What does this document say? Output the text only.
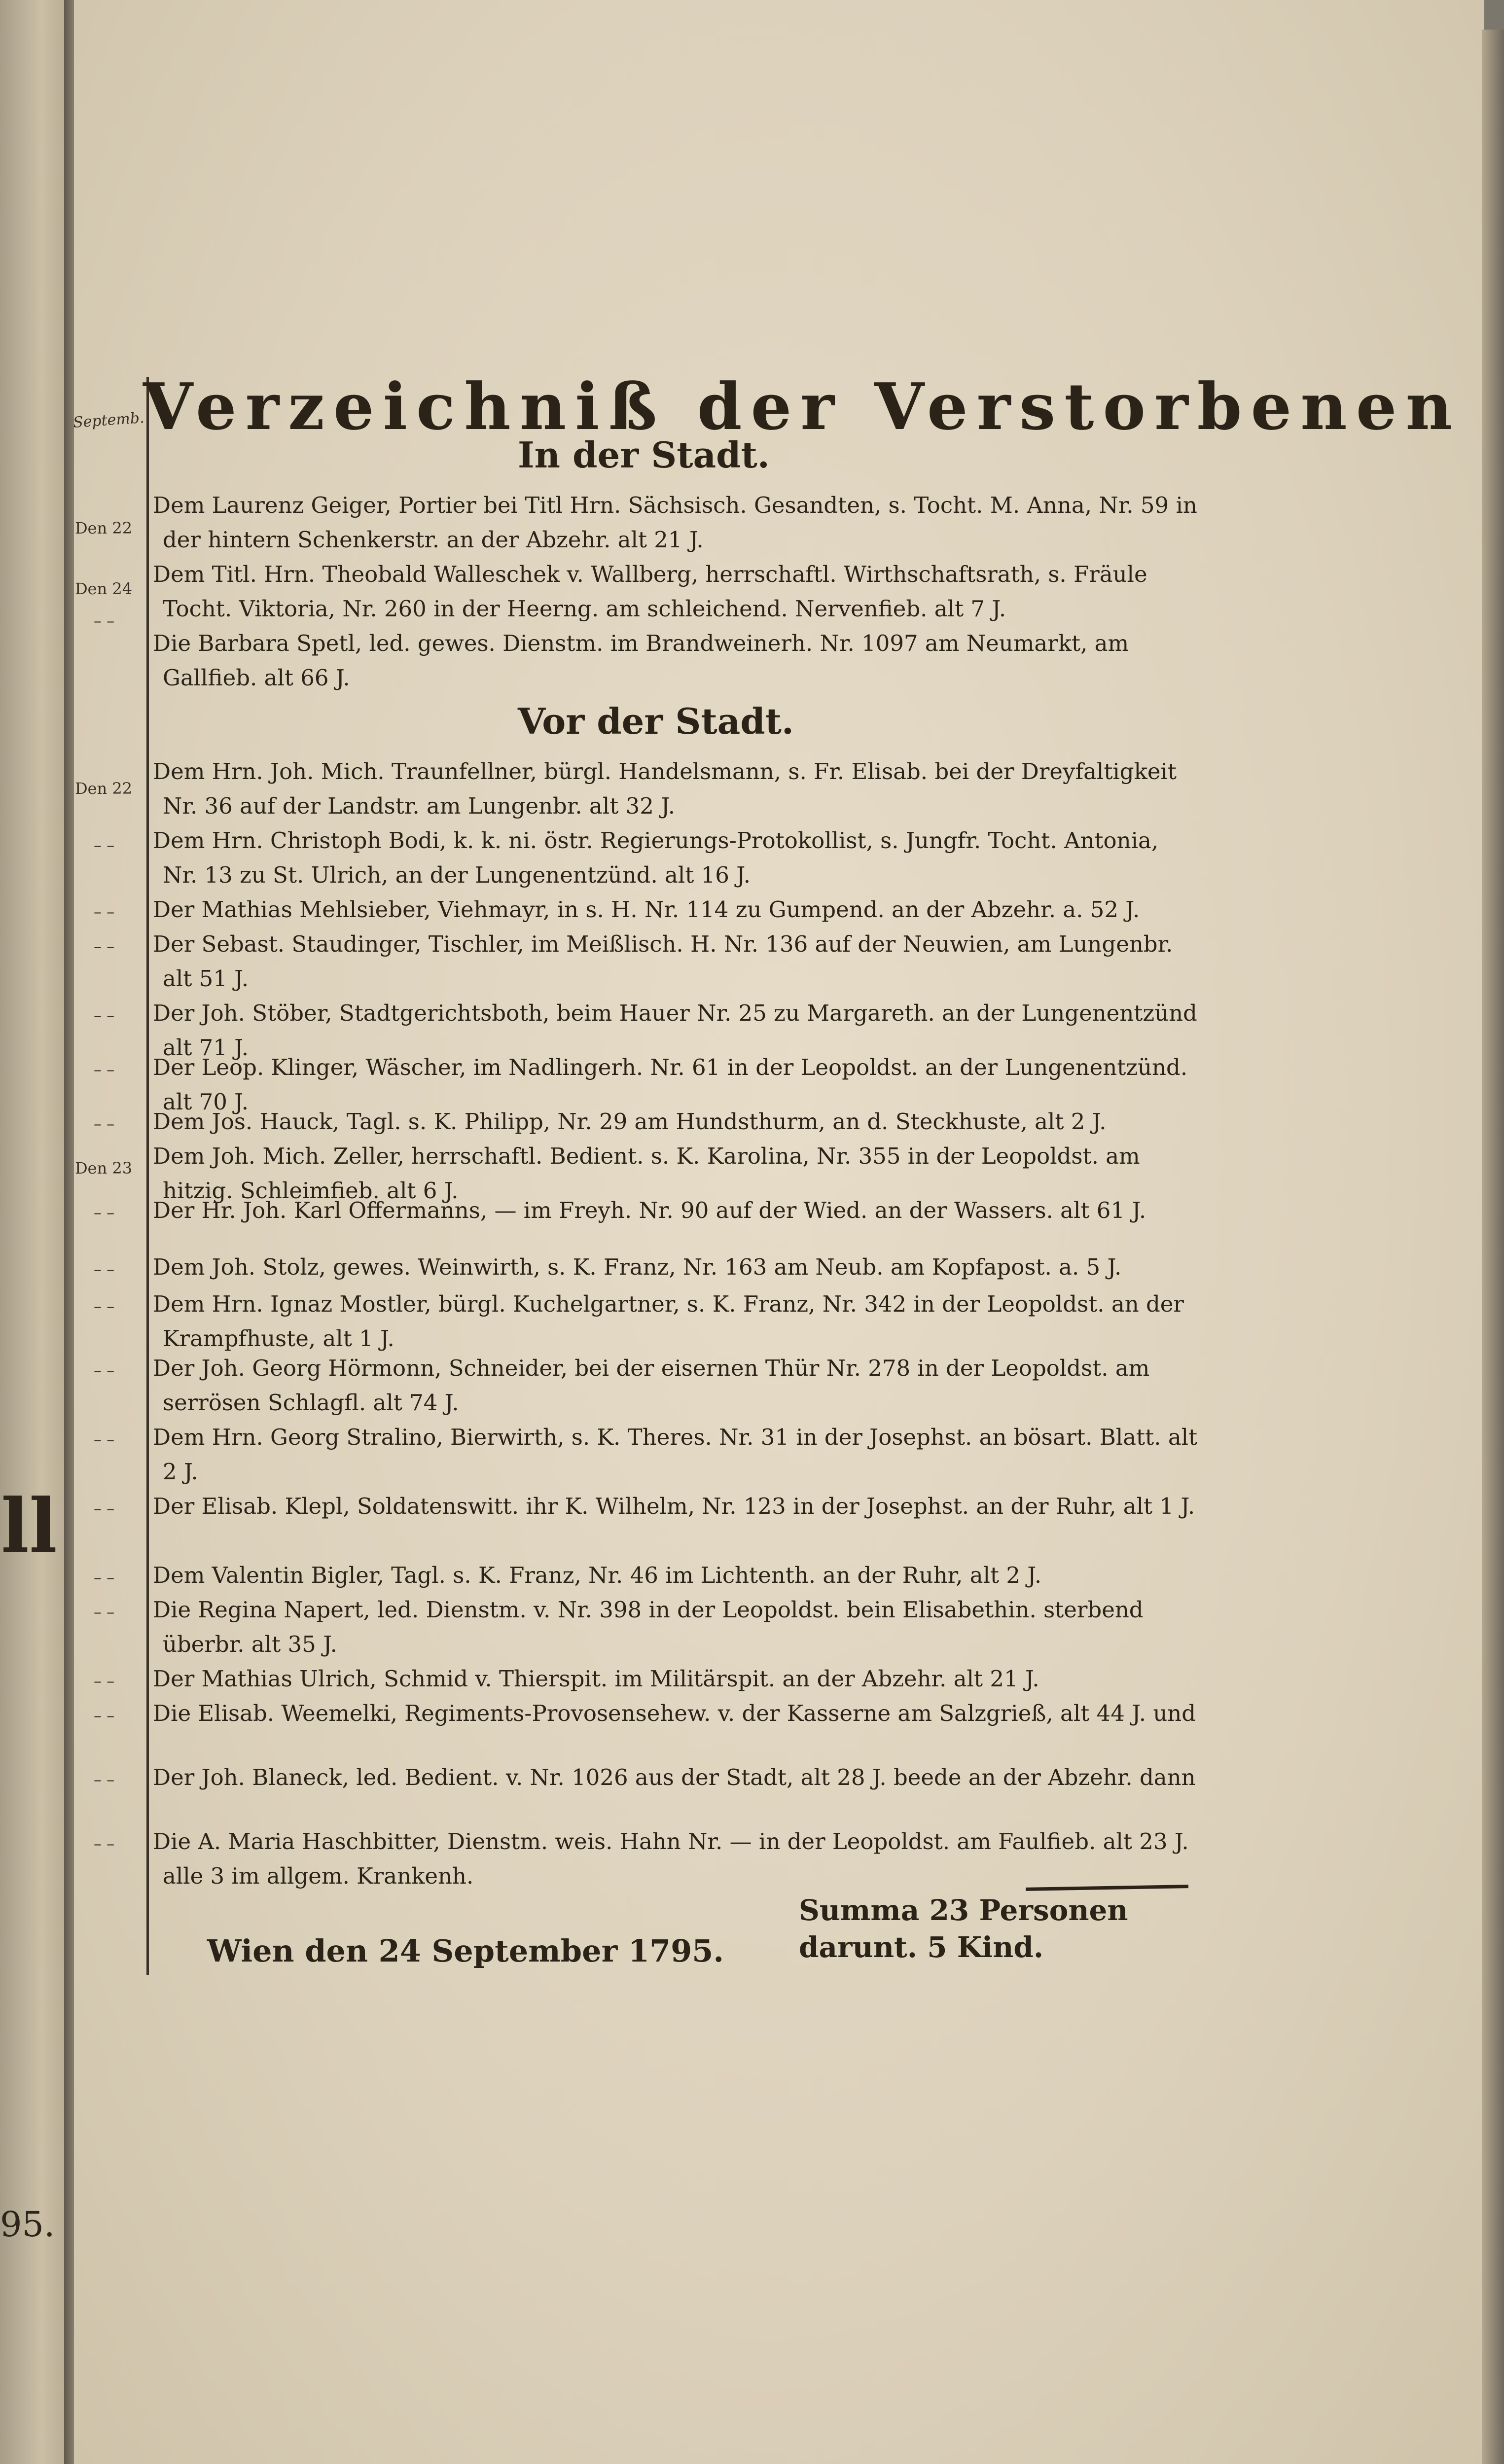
ll
95.
Septemb.
Verzeichniß der Verstorbenen
In der Stadt.
Den 22
Den 24
– –
Dem Laurenz Geiger, Portier bei Titl Hrn. Sächsisch. Gesandten, s. Tocht. M. Anna, Nr. 59 in der hintern Schenkerstr. an der Abzehr. alt 21 J.
Dem Titl. Hrn. Theobald Walleschek v. Wallberg, herrschaftl. Wirthschaftsrath, s. Fräule Tocht. Viktoria, Nr. 260 in der Heerng. am schleichend. Nervenfieb. alt 7 J.
Die Barbara Spetl, led. gewes. Dienstm. im Brandweinerh. Nr. 1097 am Neumarkt, am Gallfieb. alt 66 J.
Vor der Stadt.
Den 22
Den 23
Dem Hrn. Joh. Mich. Traunfellner, bürgl. Handelsmann, s. Fr. Elisab. bei der Dreyfaltigkeit Nr. 36 auf der Landstr. am Lungenbr. alt 32 J.
Dem Hrn. Christoph Bodi, k. k. ni. östr. Regierungs-Protokollist, s. Jungfr. Tocht. Antonia, Nr. 13 zu St. Ulrich, an der Lungenentzünd. alt 16 J.
Der Mathias Mehlsieber, Viehmayr, in s. H. Nr. 114 zu Gumpend. an der Abzehr. a. 52 J.
Der Sebast. Staudinger, Tischler, im Meißlisch. H. Nr. 136 auf der Neuwien, am Lungenbr. alt 51 J.
Der Joh. Stöber, Stadtgerichtsboth, beim Hauer Nr. 25 zu Margareth. an der Lungenentzünd alt 71 J.
Der Leop. Klinger, Wäscher, im Nadlingerh. Nr. 61 in der Leopoldst. an der Lungenentzünd. alt 70 J.
Dem Jos. Hauck, Tagl. s. K. Philipp, Nr. 29 am Hundsthurm, an d. Steckhuste, alt 2 J.
Dem Joh. Mich. Zeller, herrschaftl. Bedient. s. K. Karolina, Nr. 355 in der Leopoldst. am hitzig. Schleimfieb. alt 6 J.
Der Hr. Joh. Karl Offermanns, — im Freyh. Nr. 90 auf der Wied. an der Wassers. alt 61 J.
Dem Joh. Stolz, gewes. Weinwirth, s. K. Franz, Nr. 163 am Neub. am Kopfapost. a. 5 J.
Dem Hrn. Ignaz Mostler, bürgl. Kuchelgartner, s. K. Franz, Nr. 342 in der Leopoldst. an der Krampfhuste, alt 1 J.
Der Joh. Georg Hörmonn, Schneider, bei der eisernen Thür Nr. 278 in der Leopoldst. am serrösen Schlagfl. alt 74 J.
Dem Hrn. Georg Stralino, Bierwirth, s. K. Theres. Nr. 31 in der Josephst. an bösart. Blatt. alt 2 J.
Der Elisab. Klepl, Soldatenswitt. ihr K. Wilhelm, Nr. 123 in der Josephst. an der Ruhr, alt 1 J.
Dem Valentin Bigler, Tagl. s. K. Franz, Nr. 46 im Lichtenth. an der Ruhr, alt 2 J.
Die Regina Napert, led. Dienstm. v. Nr. 398 in der Leopoldst. bein Elisabethin. sterbend überbr. alt 35 J.
Der Mathias Ulrich, Schmid v. Thierspit. im Militärspit. an der Abzehr. alt 21 J.
Die Elisab. Weemelki, Regiments-Provosensehew. v. der Kasserne am Salzgrieß, alt 44 J. und
Der Joh. Blaneck, led. Bedient. v. Nr. 1026 aus der Stadt, alt 28 J. beede an der Abzehr. dann
Die A. Maria Haschbitter, Dienstm. weis. Hahn Nr. — in der Leopoldst. am Faulfieb. alt 23 J. alle 3 im allgem. Krankenh.
– –
– –
– –
– –
– –
– –
– –
– –
– –
– –
– –
– –
– –
– –
– –
– –
– –
– –
Summa 23 Personen
darunt. 5 Kind.
Wien den 24 September 1795.
